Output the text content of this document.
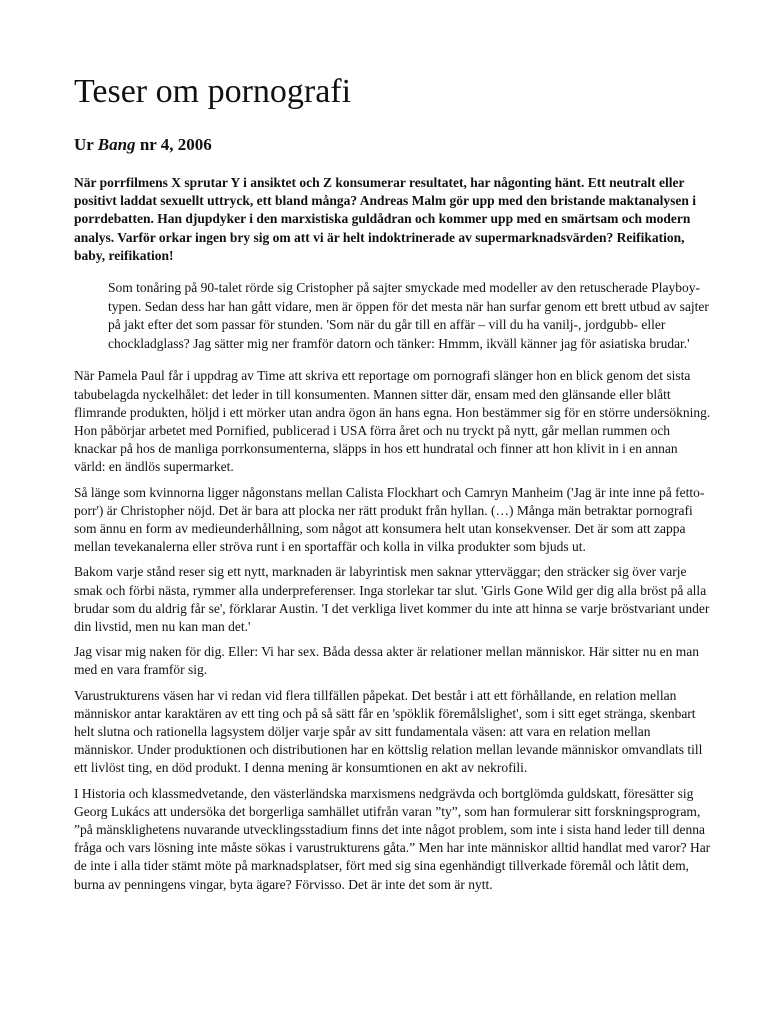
Teser om pornografi

Ur Bang nr 4, 2006

När porrfilmens X sprutar Y i ansiktet och Z konsumerar resultatet, har någonting hänt. Ett neutralt eller positivt laddat sexuellt uttryck, ett bland många? Andreas Malm gör upp med den bristande maktanalysen i porrdebatten. Han djupdyker i den marxistiska guldådran och kommer upp med en smärtsam och modern analys. Varför orkar ingen bry sig om att vi är helt indoktrinerade av supermarknadsvärden? Reifikation, baby, reifikation!

Som tonåring på 90-talet rörde sig Cristopher på sajter smyckade med modeller av den retuscherade Playboy-typen. Sedan dess har han gått vidare, men är öppen för det mesta när han surfar genom ett brett utbud av sajter på jakt efter det som passar för stunden. 'Som när du går till en affär – vill du ha vanilj-, jordgubb- eller chockladglass? Jag sätter mig ner framför datorn och tänker: Hmmm, ikväll känner jag för asiatiska brudar.'

När Pamela Paul får i uppdrag av Time att skriva ett reportage om pornografi slänger hon en blick genom det sista tabubelagda nyckelhålet: det leder in till konsumenten. Mannen sitter där, ensam med den glänsande eller blått flimrande produkten, höljd i ett mörker utan andra ögon än hans egna. Hon bestämmer sig för en större undersökning. Hon påbörjar arbetet med Pornified, publicerad i USA förra året och nu tryckt på nytt, går mellan rummen och knackar på hos de manliga porrkonsumenterna, släpps in hos ett hundratal och finner att hon klivit in i en annan värld: en ändlös supermarket.

Så länge som kvinnorna ligger någonstans mellan Calista Flockhart och Camryn Manheim ('Jag är inte inne på fetto-porr') är Christopher nöjd. Det är bara att plocka ner rätt produkt från hyllan. (…) Många män betraktar pornografi som ännu en form av medieunderhållning, som något att konsumera helt utan konsekvenser. Det är som att zappa mellan tevekanalerna eller ströva runt i en sportaffär och kolla in vilka produkter som bjuds ut.

Bakom varje stånd reser sig ett nytt, marknaden är labyrintisk men saknar ytterväggar; den sträcker sig över varje smak och förbi nästa, rymmer alla underpreferenser. Inga storlekar tar slut. 'Girls Gone Wild ger dig alla bröst på alla brudar som du aldrig får se', förklarar Austin. 'I det verkliga livet kommer du inte att hinna se varje bröstvariant under din livstid, men nu kan man det.'

Jag visar mig naken för dig. Eller: Vi har sex. Båda dessa akter är relationer mellan människor. Här sitter nu en man med en vara framför sig.

Varustrukturens väsen har vi redan vid flera tillfällen påpekat. Det består i att ett förhållande, en relation mellan människor antar karaktären av ett ting och på så sätt får en 'spöklik föremålslighet', som i sitt eget stränga, skenbart helt slutna och rationella lagsystem döljer varje spår av sitt fundamentala väsen: att vara en relation mellan människor. Under produktionen och distributionen har en köttslig relation mellan levande människor omvandlats till ett livlöst ting, en död produkt. I denna mening är konsumtionen en akt av nekrofili.

I Historia och klassmedvetande, den västerländska marxismens nedgrävda och bortglömda guldskatt, föresätter sig Georg Lukács att undersöka det borgerliga samhället utifrån varan ”ty”, som han formulerar sitt forskningsprogram, ”på mänsklighetens nuvarande utvecklingsstadium finns det inte något problem, som inte i sista hand leder till denna fråga och vars lösning inte måste sökas i varustrukturens gåta.” Men har inte människor alltid handlat med varor? Har de inte i alla tider stämt möte på marknadsplatser, fört med sig sina egenhändigt tillverkade föremål och låtit dem, burna av penningens vingar, byta ägare? Förvisso. Det är inte det som är nytt.
